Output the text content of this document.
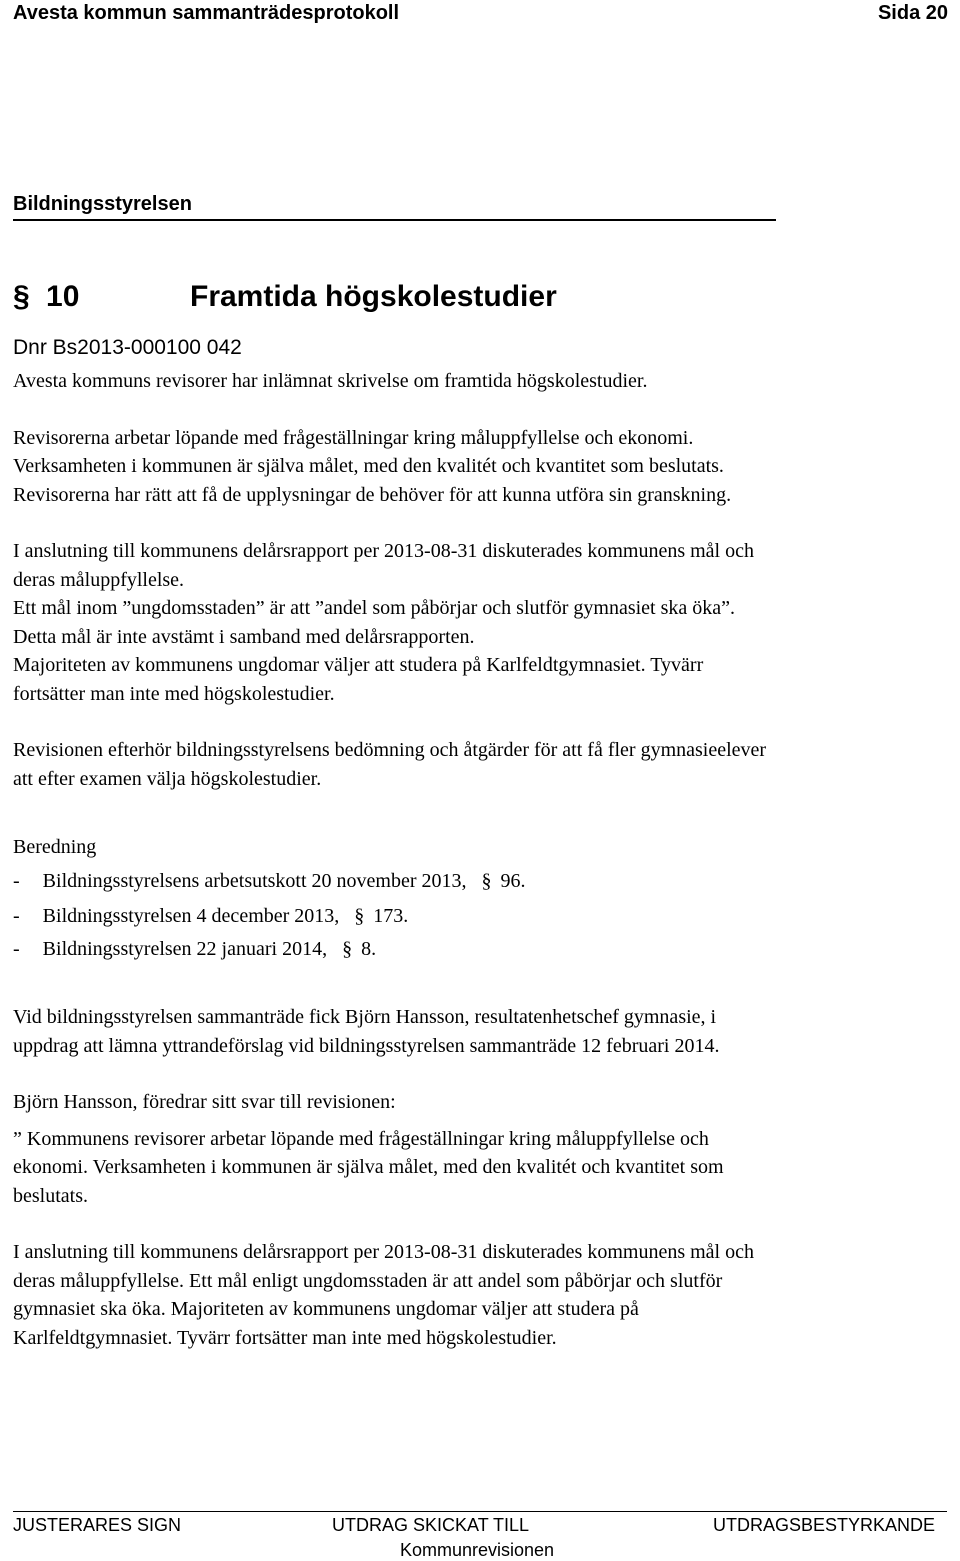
Avesta kommun sammanträdesprotokoll	Sida 20
Bildningsstyrelsen
§ 10	Framtida högskolestudier
Dnr Bs2013-000100 042

Avesta kommuns revisorer har inlämnat skrivelse om framtida högskolestudier.

Revisorerna arbetar löpande med frågeställningar kring måluppfyllelse och ekonomi.

Verksamheten i kommunen är själva målet, med den kvalitét och kvantitet som beslutats.

Revisorerna har rätt att få de upplysningar de behöver för att kunna utföra sin granskning.

I anslutning till kommunens delårsrapport per 2013-08-31 diskuterades kommunens mål och

deras måluppfyllelse.

Ett mål inom ”ungdomsstaden” är att ”andel som påbörjar och slutför gymnasiet ska öka”.

Detta mål är inte avstämt i samband med delårsrapporten.

Majoriteten av kommunens ungdomar väljer att studera på Karlfeldtgymnasiet. Tyvärr

fortsätter man inte med högskolestudier.

Revisionen efterhör bildningsstyrelsens bedömning och åtgärder för att få fler gymnasieelever

att efter examen välja högskolestudier.

Beredning
- Bildningsstyrelsens arbetsutskott 20 november 2013, § 96.
- Bildningsstyrelsen 4 december 2013, § 173.
- Bildningsstyrelsen 22 januari 2014, § 8.

Vid bildningsstyrelsen sammanträde fick Björn Hansson, resultatenhetschef gymnasie, i

uppdrag att lämna yttrandeförslag vid bildningsstyrelsen sammanträde 12 februari 2014.

Björn Hansson, föredrar sitt svar till revisionen:

” Kommunens revisorer arbetar löpande med frågeställningar kring måluppfyllelse och

ekonomi. Verksamheten i kommunen är själva målet, med den kvalitét och kvantitet som

beslutats.

I anslutning till kommunens delårsrapport per 2013-08-31 diskuterades kommunens mål och

deras måluppfyllelse. Ett mål enligt ungdomsstaden är att andel som påbörjar och slutför

gymnasiet ska öka. Majoriteten av kommunens ungdomar väljer att studera på

Karlfeldtgymnasiet. Tyvärr fortsätter man inte med högskolestudier.

JUSTERARES SIGN	UTDRAG SKICKAT TILL	UTDRAGSBESTYRKANDE
Kommunrevisionen
